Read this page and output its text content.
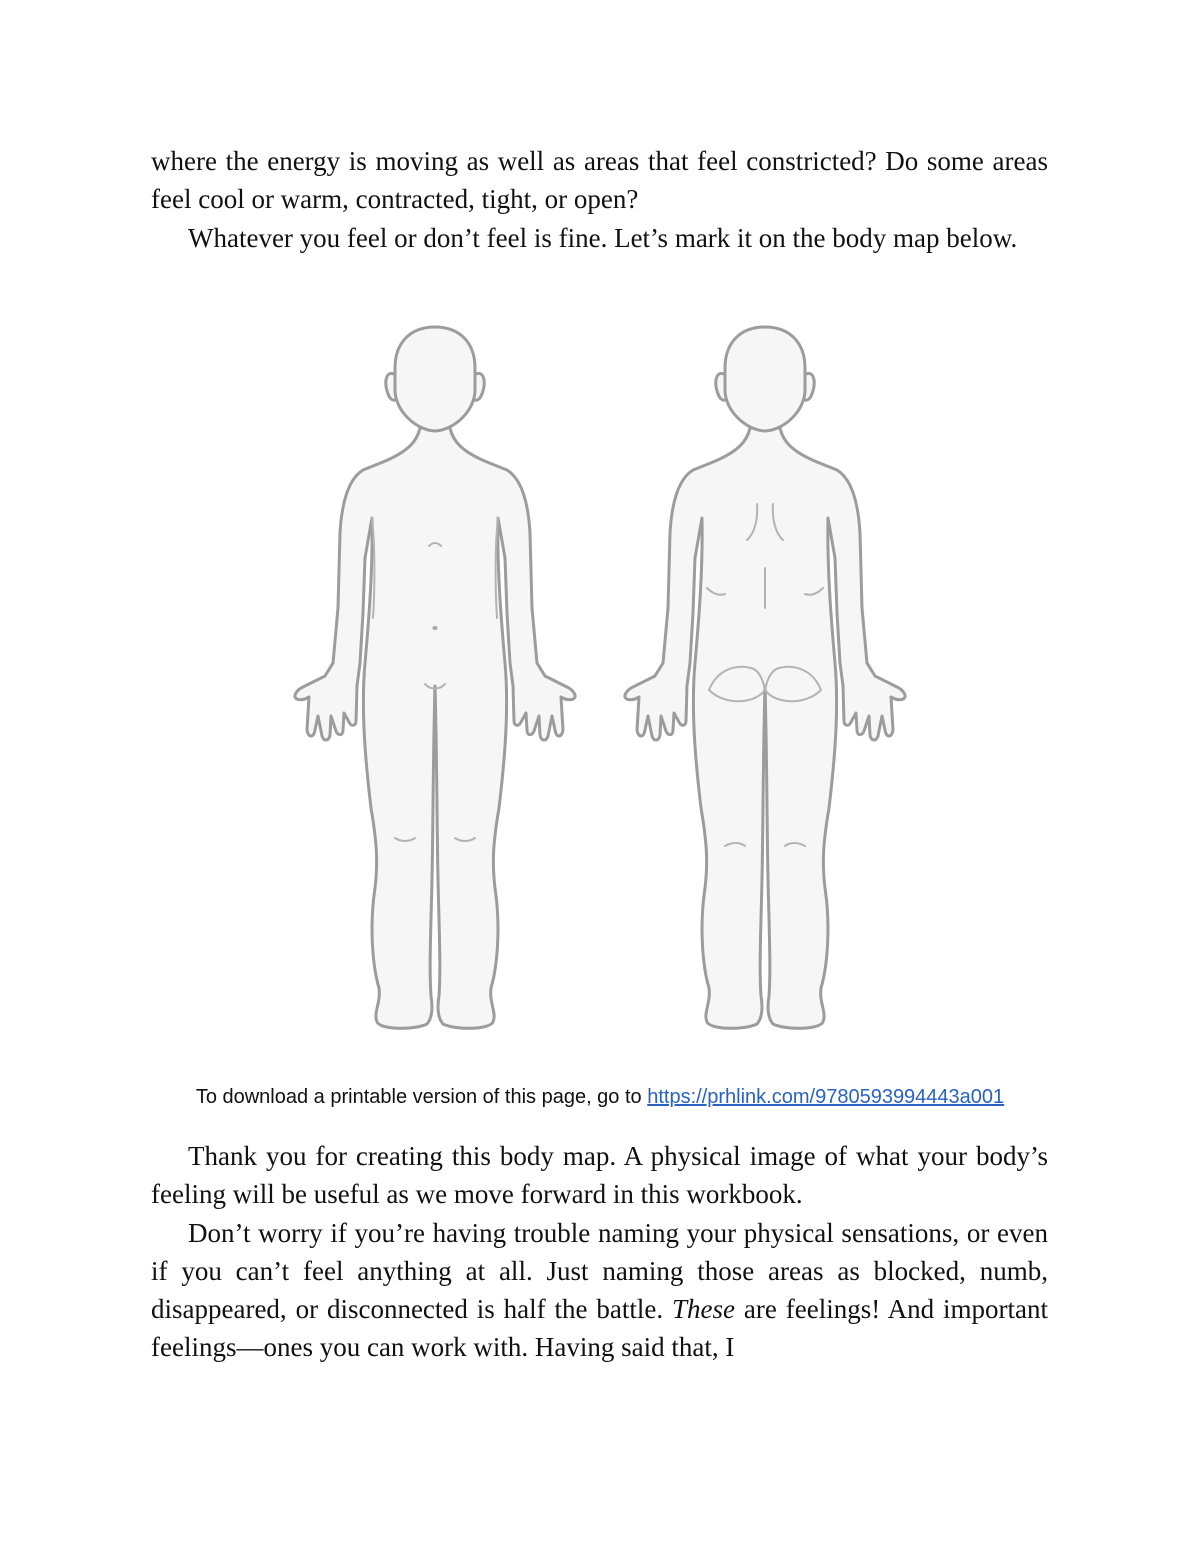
where the energy is moving as well as areas that feel constricted? Do some areas feel cool or warm, contracted, tight, or open?

Whatever you feel or don’t feel is fine. Let’s mark it on the body map below.

To download a printable version of this page, go to https://prhlink.com/9780593994443a001

Thank you for creating this body map. A physical image of what your body’s feeling will be useful as we move forward in this workbook.

Don’t worry if you’re having trouble naming your physical sensations, or even if you can’t feel anything at all. Just naming those areas as blocked, numb, disappeared, or disconnected is half the battle. These are feelings! And important feelings—ones you can work with. Having said that, I
